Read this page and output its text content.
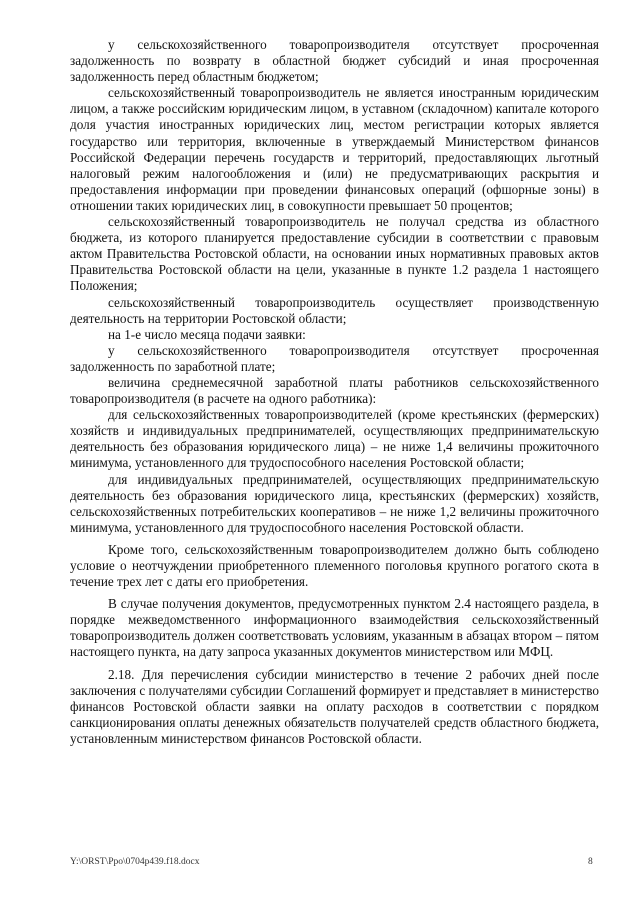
у сельскохозяйственного товаропроизводителя отсутствует просроченная задолженность по возврату в областной бюджет субсидий и иная просроченная задолженность перед областным бюджетом;

сельскохозяйственный товаропроизводитель не является иностранным юридическим лицом, а также российским юридическим лицом, в уставном (складочном) капитале которого доля участия иностранных юридических лиц, местом регистрации которых является государство или территория, включенные в утверждаемый Министерством финансов Российской Федерации перечень государств и территорий, предоставляющих льготный налоговый режим налогообложения и (или) не предусматривающих раскрытия и предоставления информации при проведении финансовых операций (офшорные зоны) в отношении таких юридических лиц, в совокупности превышает 50 процентов;

сельскохозяйственный товаропроизводитель не получал средства из областного бюджета, из которого планируется предоставление субсидии в соответствии с правовым актом Правительства Ростовской области, на основании иных нормативных правовых актов Правительства Ростовской области на цели, указанные в пункте 1.2 раздела 1 настоящего Положения;

сельскохозяйственный товаропроизводитель осуществляет производственную деятельность на территории Ростовской области;

на 1-е число месяца подачи заявки:

у сельскохозяйственного товаропроизводителя отсутствует просроченная задолженность по заработной плате;

величина среднемесячной заработной платы работников сельскохозяйственного товаропроизводителя (в расчете на одного работника):

для сельскохозяйственных товаропроизводителей (кроме крестьянских (фермерских) хозяйств и индивидуальных предпринимателей, осуществляющих предпринимательскую деятельность без образования юридического лица) – не ниже 1,4 величины прожиточного минимума, установленного для трудоспособного населения Ростовской области;

для индивидуальных предпринимателей, осуществляющих предпринимательскую деятельность без образования юридического лица, крестьянских (фермерских) хозяйств, сельскохозяйственных потребительских кооперативов – не ниже 1,2 величины прожиточного минимума, установленного для трудоспособного населения Ростовской области.

Кроме того, сельскохозяйственным товаропроизводителем должно быть соблюдено условие о неотчуждении приобретенного племенного поголовья крупного рогатого скота в течение трех лет с даты его приобретения.

В случае получения документов, предусмотренных пунктом 2.4 настоящего раздела, в порядке межведомственного информационного взаимодействия сельскохозяйственный товаропроизводитель должен соответствовать условиям, указанным в абзацах втором – пятом настоящего пункта, на дату запроса указанных документов министерством или МФЦ.

2.18. Для перечисления субсидии министерство в течение 2 рабочих дней после заключения с получателями субсидии Соглашений формирует и представляет в министерство финансов Ростовской области заявки на оплату расходов в соответствии с порядком санкционирования оплаты денежных обязательств получателей средств областного бюджета, установленным министерством финансов Ростовской области.

Y:\ORST\Ppo\0704p439.f18.docx	8
